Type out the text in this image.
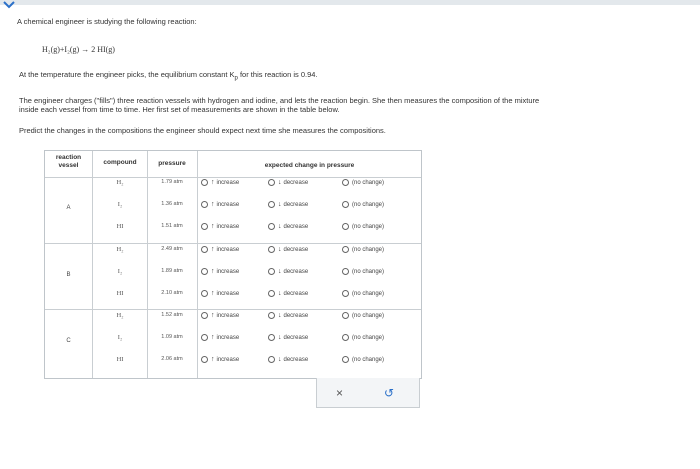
A chemical engineer is studying the following reaction:
H₂(g)+I₂(g) → 2 HI(g)
At the temperature the engineer picks, the equilibrium constant $K_p$ for this reaction is 0.94.
The engineer charges ("fills") three reaction vessels with hydrogen and iodine, and lets the reaction begin. She then measures the composition of the mixture
inside each vessel from time to time. Her first set of measurements are shown in the table below.
Predict the changes in the compositions the engineer should expect next time she measures the compositions.
reaction
vessel	compound	pressure	expected change in pressure
A
H₂	1.79 atm	↑ increase	↓ decrease	(no change)
I₂	1.36 atm	↑ increase	↓ decrease	(no change)
HI	1.51 atm	↑ increase	↓ decrease	(no change)
B
H₂	2.49 atm	↑ increase	↓ decrease	(no change)
I₂	1.89 atm	↑ increase	↓ decrease	(no change)
HI	2.10 atm	↑ increase	↓ decrease	(no change)
C
H₂	1.52 atm	↑ increase	↓ decrease	(no change)
I₂	1.09 atm	↑ increase	↓ decrease	(no change)
HI	2.06 atm	↑ increase	↓ decrease	(no change)
×	↺
